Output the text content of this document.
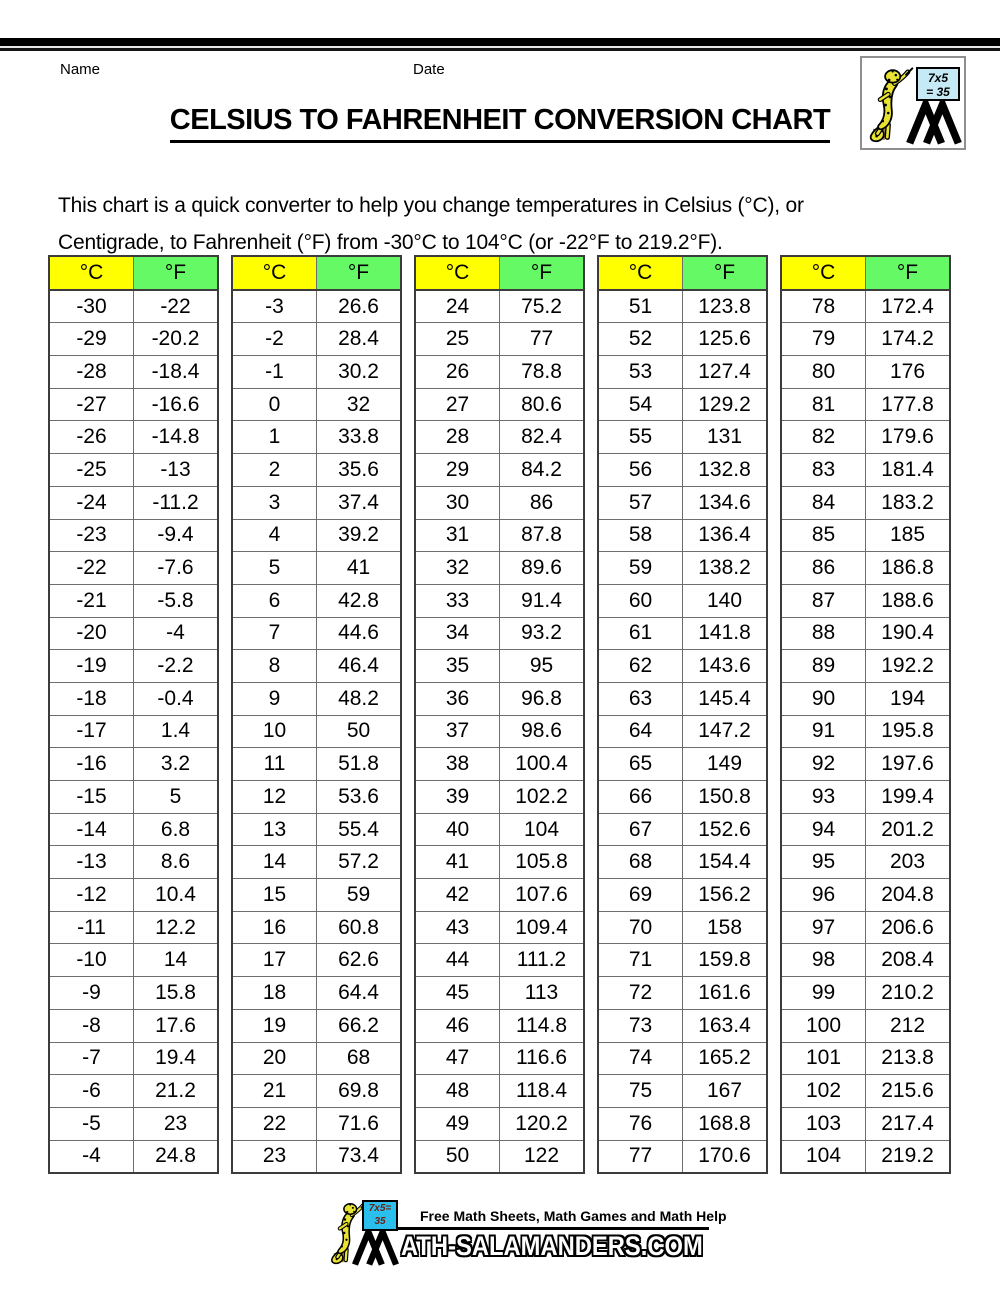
Name	Date	7x5
= 35
CELSIUS TO FAHRENHEIT CONVERSION CHART

This chart is a quick converter to help you change temperatures in Celsius (°C), or
Centigrade, to Fahrenheit (°F) from -30°C to 104°C (or -22°F to 219.2°F).

°C	°F
-30	-22
-29	-20.2
-28	-18.4
-27	-16.6
-26	-14.8
-25	-13
-24	-11.2
-23	-9.4
-22	-7.6
-21	-5.8
-20	-4
-19	-2.2
-18	-0.4
-17	1.4
-16	3.2
-15	5
-14	6.8
-13	8.6
-12	10.4
-11	12.2
-10	14
-9	15.8
-8	17.6
-7	19.4
-6	21.2
-5	23
-4	24.8
°C	°F
-3	26.6
-2	28.4
-1	30.2
0	32
1	33.8
2	35.6
3	37.4
4	39.2
5	41
6	42.8
7	44.6
8	46.4
9	48.2
10	50
11	51.8
12	53.6
13	55.4
14	57.2
15	59
16	60.8
17	62.6
18	64.4
19	66.2
20	68
21	69.8
22	71.6
23	73.4
°C	°F
24	75.2
25	77
26	78.8
27	80.6
28	82.4
29	84.2
30	86
31	87.8
32	89.6
33	91.4
34	93.2
35	95
36	96.8
37	98.6
38	100.4
39	102.2
40	104
41	105.8
42	107.6
43	109.4
44	111.2
45	113
46	114.8
47	116.6
48	118.4
49	120.2
50	122
°C	°F
51	123.8
52	125.6
53	127.4
54	129.2
55	131
56	132.8
57	134.6
58	136.4
59	138.2
60	140
61	141.8
62	143.6
63	145.4
64	147.2
65	149
66	150.8
67	152.6
68	154.4
69	156.2
70	158
71	159.8
72	161.6
73	163.4
74	165.2
75	167
76	168.8
77	170.6
°C	°F
78	172.4
79	174.2
80	176
81	177.8
82	179.6
83	181.4
84	183.2
85	185
86	186.8
87	188.6
88	190.4
89	192.2
90	194
91	195.8
92	197.6
93	199.4
94	201.2
95	203
96	204.8
97	206.6
98	208.4
99	210.2
100	212
101	213.8
102	215.6
103	217.4
104	219.2
7x5=
35	Free Math Sheets, Math Games and Math Help
ATH-SALAMANDERS.COM
